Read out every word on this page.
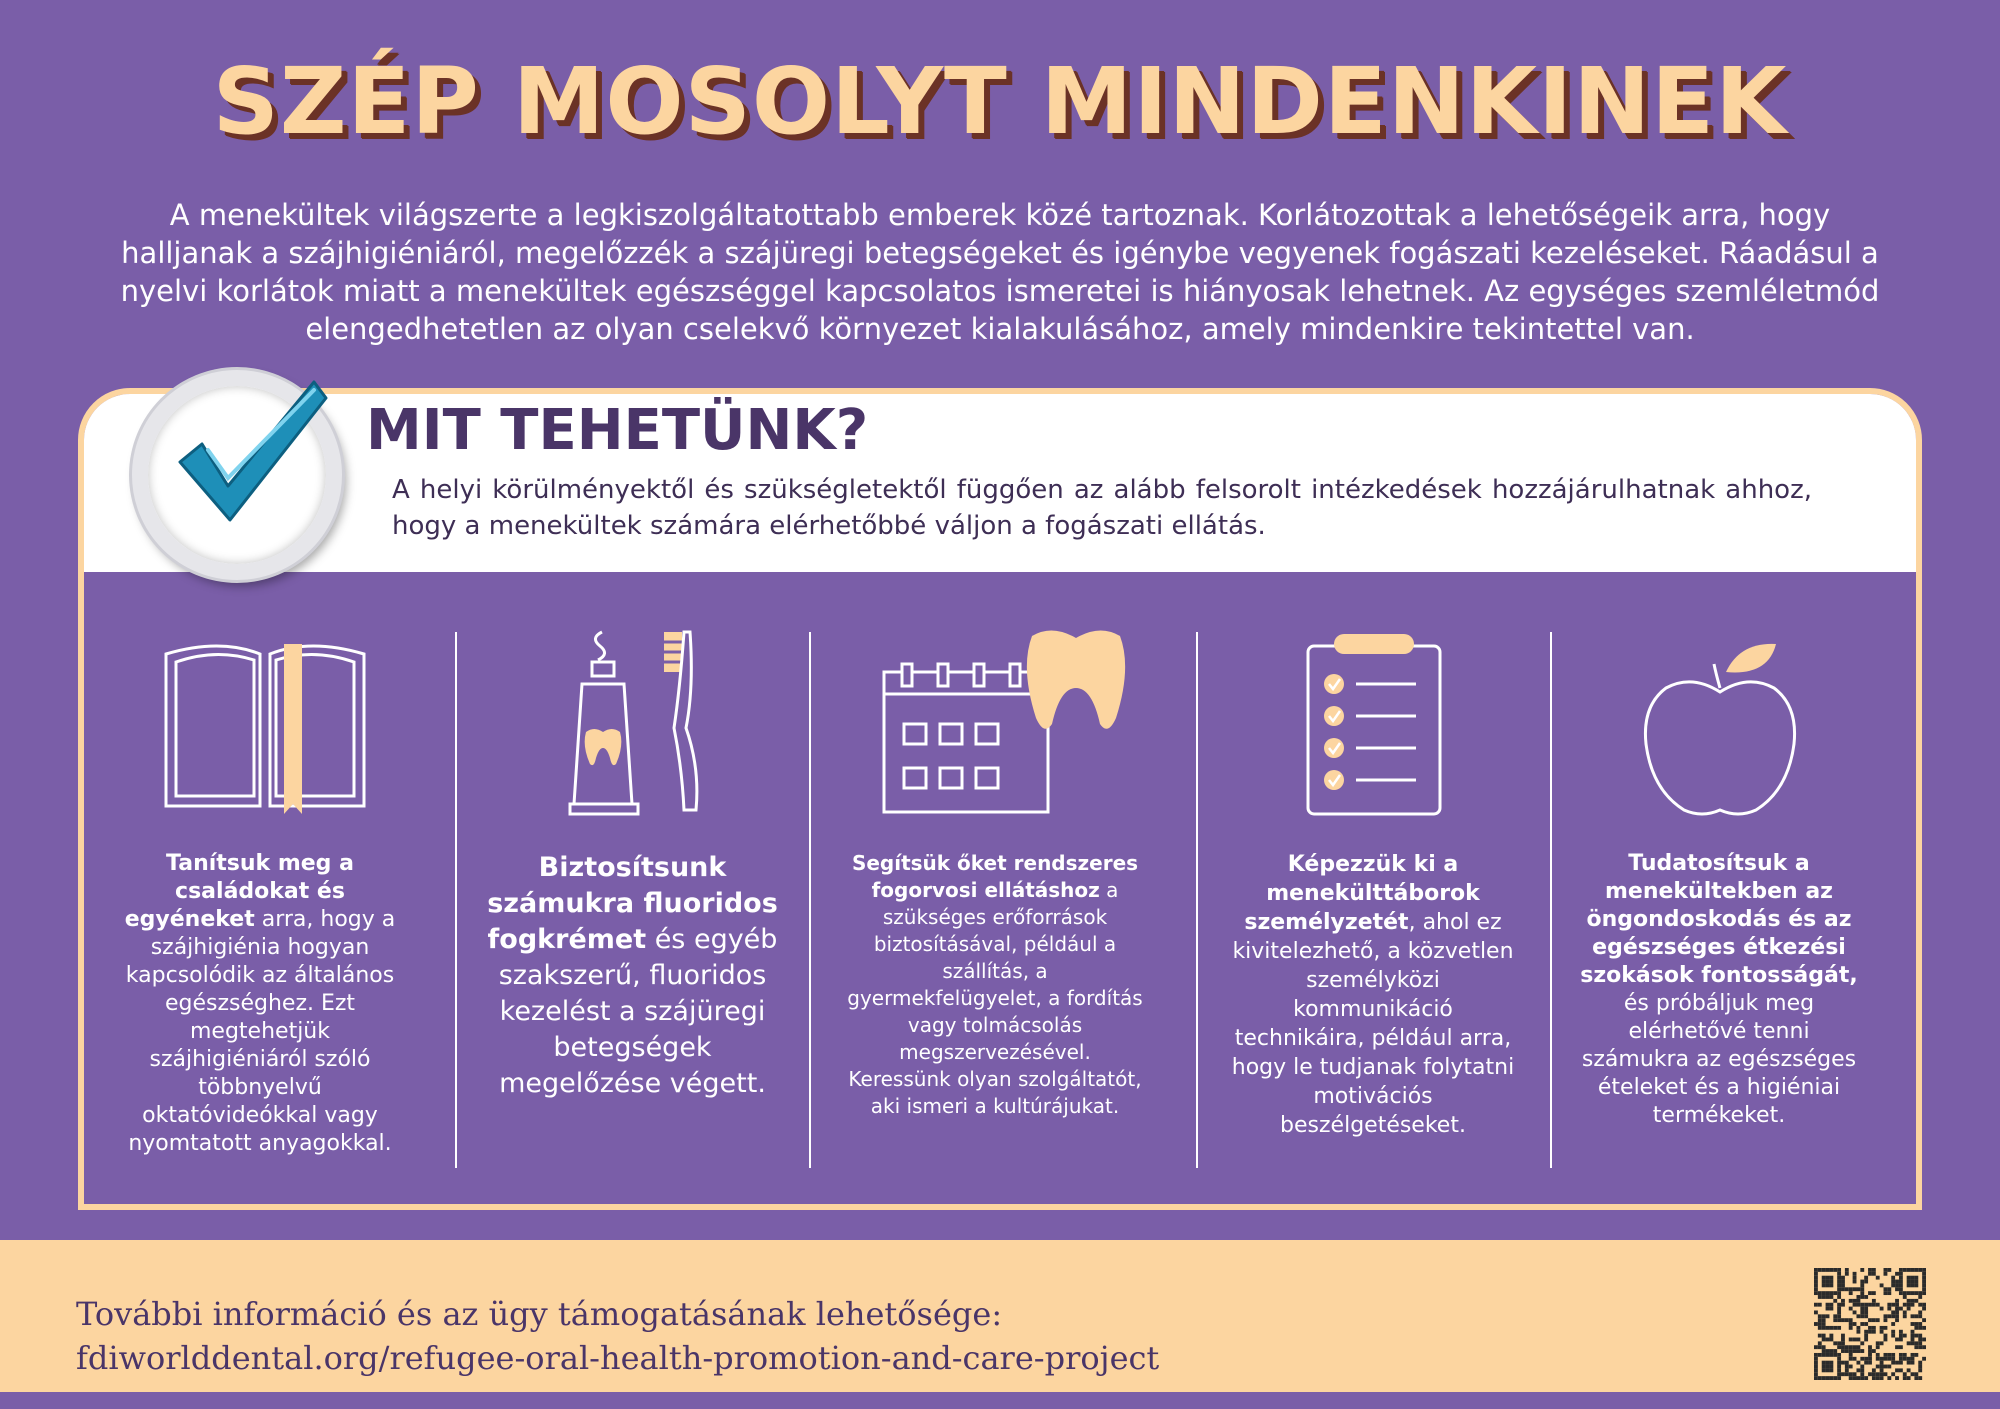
SZÉP MOSOLYT MINDENKINEK
A menekültek világszerte a legkiszolgáltatottabb emberek közé tartoznak. Korlátozottak a lehetőségeik arra, hogy halljanak a szájhigiéniáról, megelőzzék a szájüregi betegségeket és igénybe vegyenek fogászati kezeléseket. Ráadásul a nyelvi korlátok miatt a menekültek egészséggel kapcsolatos ismeretei is hiányosak lehetnek. Az egységes szemléletmód elengedhetetlen az olyan cselekvő környezet kialakulásához, amely mindenkire tekintettel van.
MIT TEHETÜNK?
A helyi körülményektől és szükségletektől függően az alább felsorolt intézkedések hozzájárulhatnak ahhoz, hogy a menekültek számára elérhetőbbé váljon a fogászati ellátás.
Tanítsuk meg a családokat és egyéneket arra, hogy a szájhigiénia hogyan kapcsolódik az általános egészséghez. Ezt megtehetjük szájhigiéniáról szóló többnyelvű oktatóvideókkal vagy nyomtatott anyagokkal.
Biztosítsunk számukra fluoridos fogkrémet és egyéb szakszerű, fluoridos kezelést a szájüregi betegségek megelőzése végett.
Segítsük őket rendszeres fogorvosi ellátáshoz a szükséges erőforrások biztosításával, például a szállítás, a gyermekfelügyelet, a fordítás vagy tolmácsolás megszervezésével. Keressünk olyan szolgáltatót, aki ismeri a kultúrájukat.
Képezzük ki a menekülttáborok személyzetét, ahol ez kivitelezhető, a közvetlen személyközi kommunikáció technikáira, például arra, hogy le tudjanak folytatni motivációs beszélgetéseket.
Tudatosítsuk a menekültekben az öngondoskodás és az egészséges étkezési szokások fontosságát, és próbáljuk meg elérhetővé tenni számukra az egészséges ételeket és a higiéniai termékeket.
További információ és az ügy támogatásának lehetősége:
fdiworlddental.org/refugee-oral-health-promotion-and-care-project
